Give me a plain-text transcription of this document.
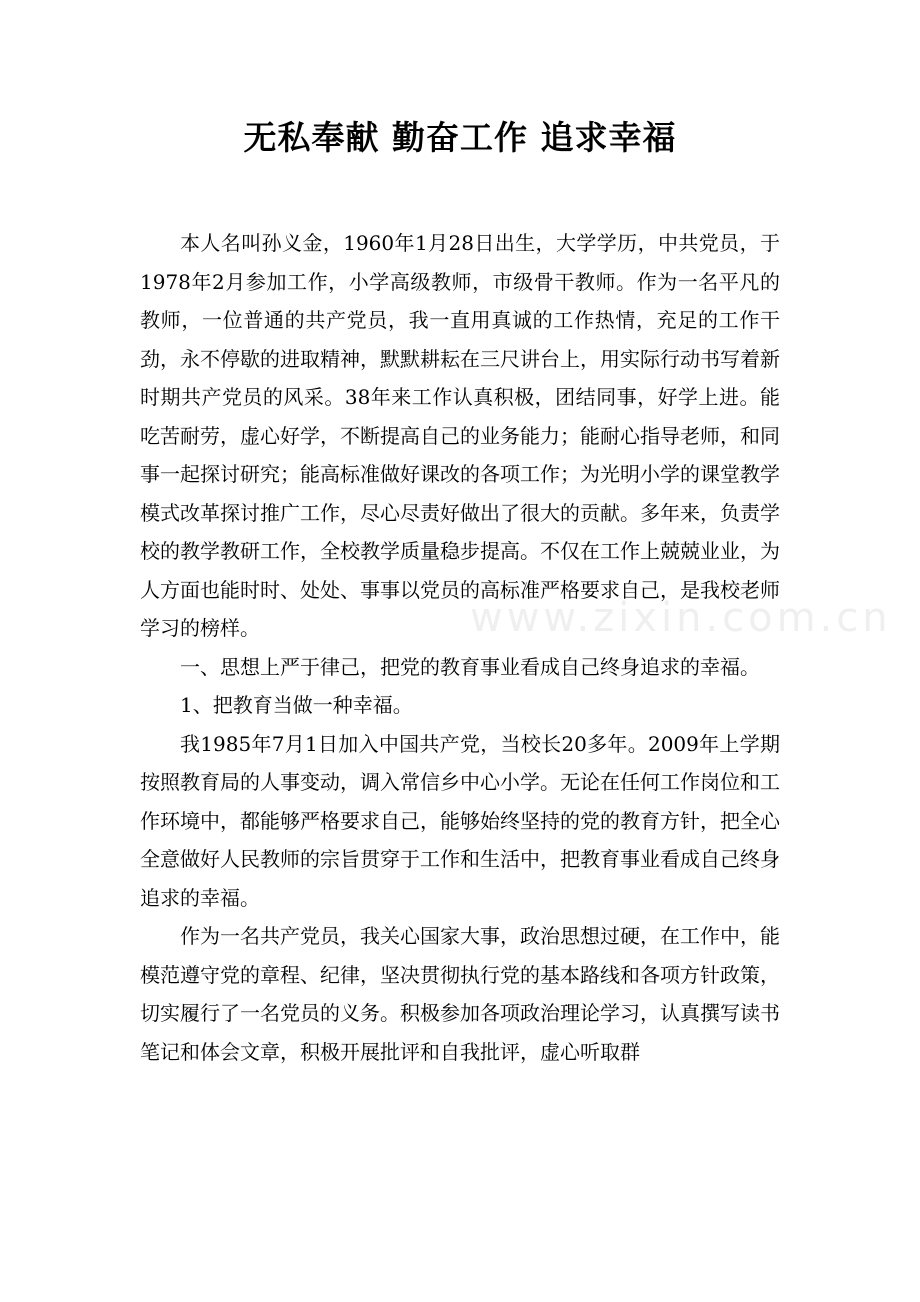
无私奉献 勤奋工作 追求幸福
www.zixin.com.cn

本人名叫孙义金，1960年1月28日出生，大学学历，中共党员，于1978年2月参加工作，小学高级教师，市级骨干教师。作为一名平凡的教师，一位普通的共产党员，我一直用真诚的工作热情，充足的工作干劲，永不停歇的进取精神，默默耕耘在三尺讲台上，用实际行动书写着新时期共产党员的风采。38年来工作认真积极，团结同事，好学上进。能吃苦耐劳，虚心好学，不断提高自己的业务能力；能耐心指导老师，和同事一起探讨研究；能高标准做好课改的各项工作；为光明小学的课堂教学模式改革探讨推广工作，尽心尽责好做出了很大的贡献。多年来，负责学校的教学教研工作，全校教学质量稳步提高。不仅在工作上兢兢业业，为人方面也能时时、处处、事事以党员的高标准严格要求自己，是我校老师学习的榜样。

一、思想上严于律己，把党的教育事业看成自己终身追求的幸福。

1、把教育当做一种幸福。

我1985年7月1日加入中国共产党，当校长20多年。2009年上学期按照教育局的人事变动，调入常信乡中心小学。无论在任何工作岗位和工作环境中，都能够严格要求自己，能够始终坚持的党的教育方针，把全心全意做好人民教师的宗旨贯穿于工作和生活中，把教育事业看成自己终身追求的幸福。

作为一名共产党员，我关心国家大事，政治思想过硬，在工作中，能模范遵守党的章程、纪律，坚决贯彻执行党的基本路线和各项方针政策，切实履行了一名党员的义务。积极参加各项政治理论学习，认真撰写读书笔记和体会文章，积极开展批评和自我批评，虚心听取群
